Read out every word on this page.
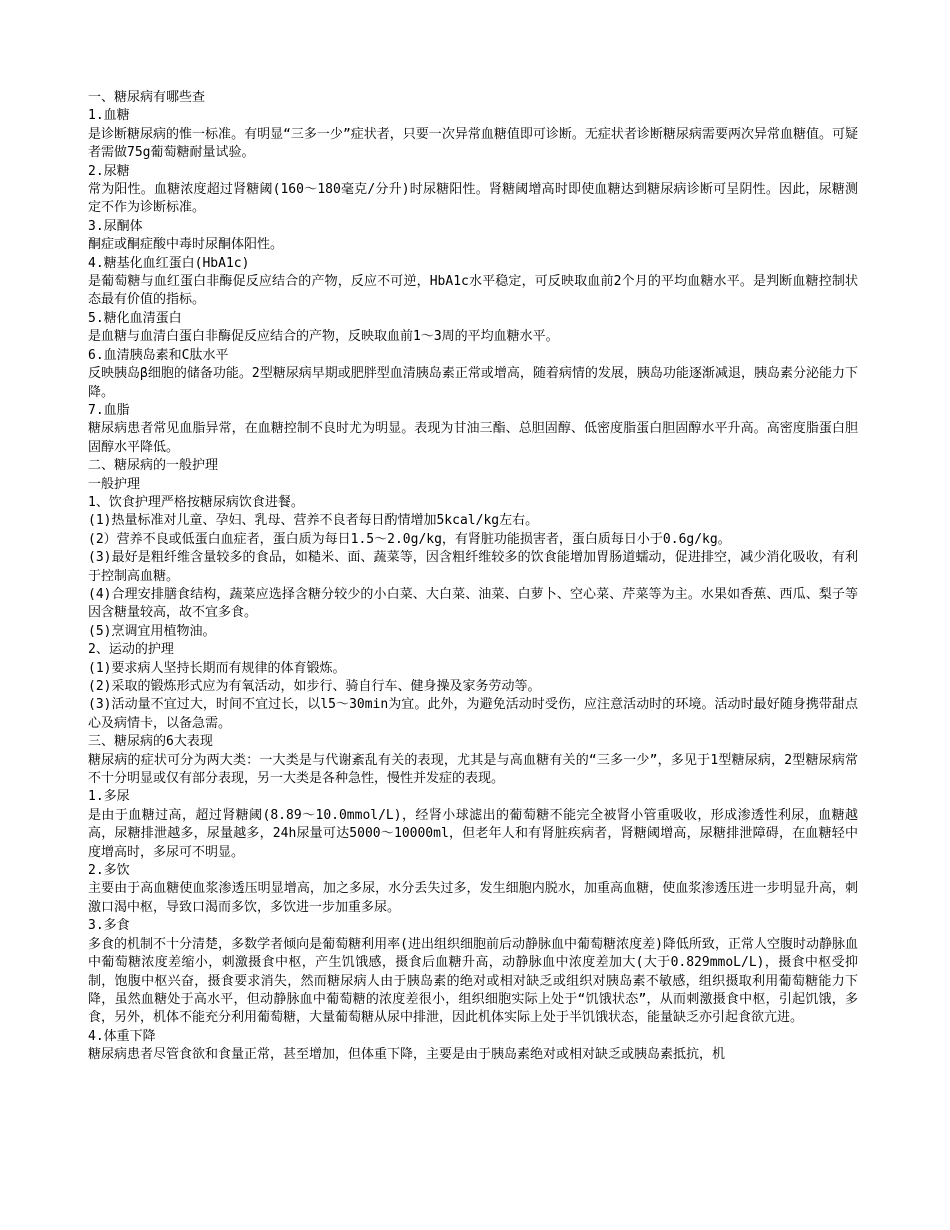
一、糖尿病有哪些查
1.血糖
是诊断糖尿病的惟一标准。有明显“三多一少”症状者，只要一次异常血糖值即可诊断。无症状者诊断糖尿病需要两次异常血糖值。可疑者需做75g葡萄糖耐量试验。
2.尿糖
常为阳性。血糖浓度超过肾糖阈(160～180毫克/分升)时尿糖阳性。肾糖阈增高时即使血糖达到糖尿病诊断可呈阴性。因此，尿糖测定不作为诊断标准。
3.尿酮体
酮症或酮症酸中毒时尿酮体阳性。
4.糖基化血红蛋白(HbA1c)
是葡萄糖与血红蛋白非酶促反应结合的产物，反应不可逆，HbA1c水平稳定，可反映取血前2个月的平均血糖水平。是判断血糖控制状态最有价值的指标。
5.糖化血清蛋白
是血糖与血清白蛋白非酶促反应结合的产物，反映取血前1～3周的平均血糖水平。
6.血清胰岛素和C肽水平
反映胰岛β细胞的储备功能。2型糖尿病早期或肥胖型血清胰岛素正常或增高，随着病情的发展，胰岛功能逐渐减退，胰岛素分泌能力下降。
7.血脂
糖尿病患者常见血脂异常，在血糖控制不良时尤为明显。表现为甘油三酯、总胆固醇、低密度脂蛋白胆固醇水平升高。高密度脂蛋白胆固醇水平降低。
二、糖尿病的一般护理
一般护理
1、饮食护理严格按糖尿病饮食进餐。
(1)热量标准对儿童、孕妇、乳母、营养不良者每日酌情增加5kcal/kg左右。
(2）营养不良或低蛋白血症者，蛋白质为每日1.5～2.0g/kg，有肾脏功能损害者，蛋白质每日小于0.6g/kg。
(3)最好是粗纤维含量较多的食品，如糙米、面、蔬菜等，因含粗纤维较多的饮食能增加胃肠道蠕动，促进排空，减少消化吸收，有利于控制高血糖。
(4)合理安排膳食结构，蔬菜应选择含糖分较少的小白菜、大白菜、油菜、白萝卜、空心菜、芹菜等为主。水果如香蕉、西瓜、梨子等因含糖量较高，故不宜多食。
(5)烹调宜用植物油。
2、运动的护理
(1)要求病人坚持长期而有规律的体育锻炼。
(2)采取的锻炼形式应为有氧活动，如步行、骑自行车、健身操及家务劳动等。
(3)活动量不宜过大，时间不宜过长，以l5～30min为宜。此外，为避免活动时受伤，应注意活动时的环境。活动时最好随身携带甜点心及病情卡，以备急需。
三、糖尿病的6大表现
糖尿病的症状可分为两大类：一大类是与代谢紊乱有关的表现，尤其是与高血糖有关的“三多一少”，多见于1型糖尿病，2型糖尿病常不十分明显或仅有部分表现，另一大类是各种急性，慢性并发症的表现。
1.多尿
是由于血糖过高，超过肾糖阈(8.89～10.0mmol/L)，经肾小球滤出的葡萄糖不能完全被肾小管重吸收，形成渗透性利尿，血糖越高，尿糖排泄越多，尿量越多，24h尿量可达5000～10000ml，但老年人和有肾脏疾病者，肾糖阈增高，尿糖排泄障碍，在血糖轻中度增高时，多尿可不明显。
2.多饮
主要由于高血糖使血浆渗透压明显增高，加之多尿，水分丢失过多，发生细胞内脱水，加重高血糖，使血浆渗透压进一步明显升高，刺激口渴中枢，导致口渴而多饮，多饮进一步加重多尿。
3.多食
多食的机制不十分清楚，多数学者倾向是葡萄糖利用率(进出组织细胞前后动静脉血中葡萄糖浓度差)降低所致，正常人空腹时动静脉血中葡萄糖浓度差缩小，刺激摄食中枢，产生饥饿感，摄食后血糖升高，动静脉血中浓度差加大(大于0.829mmoL/L)，摄食中枢受抑制，饱腹中枢兴奋，摄食要求消失，然而糖尿病人由于胰岛素的绝对或相对缺乏或组织对胰岛素不敏感，组织摄取利用葡萄糖能力下降，虽然血糖处于高水平，但动静脉血中葡萄糖的浓度差很小，组织细胞实际上处于“饥饿状态”，从而刺激摄食中枢，引起饥饿，多食，另外，机体不能充分利用葡萄糖，大量葡萄糖从尿中排泄，因此机体实际上处于半饥饿状态，能量缺乏亦引起食欲亢进。
4.体重下降
糖尿病患者尽管食欲和食量正常，甚至增加，但体重下降，主要是由于胰岛素绝对或相对缺乏或胰岛素抵抗，机
